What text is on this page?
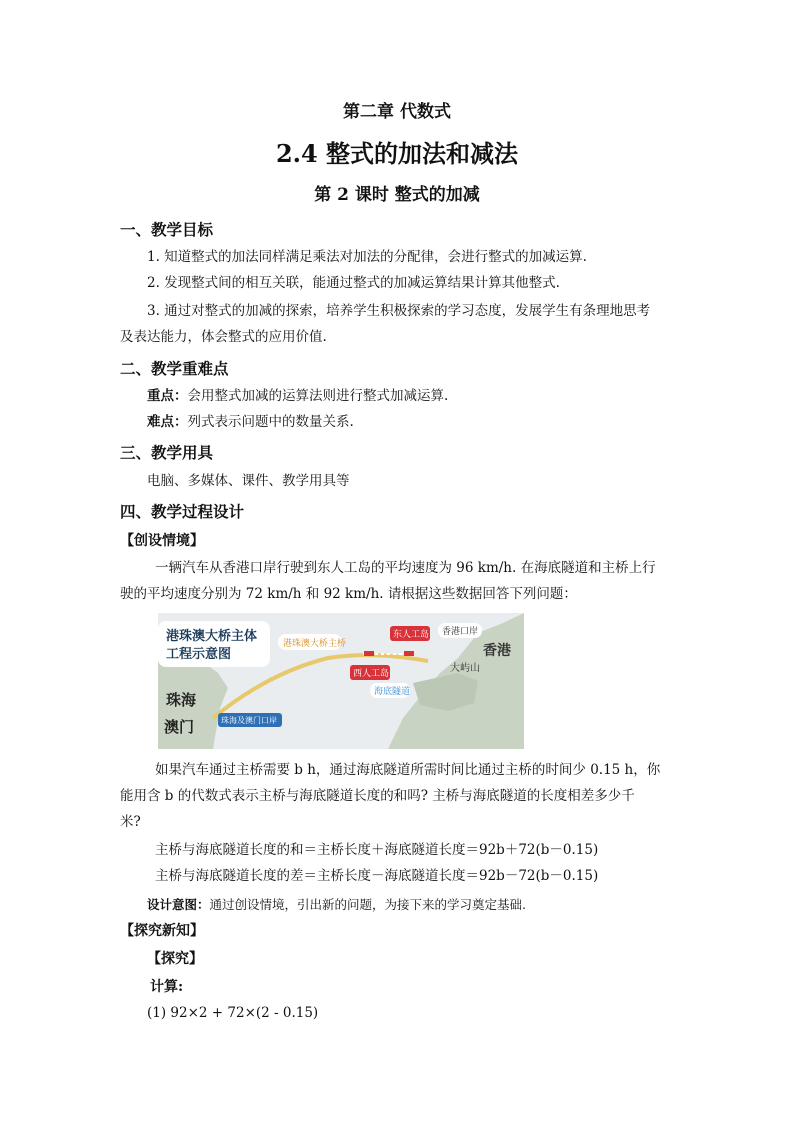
第二章 代数式
2.4 整式的加法和减法
第 2 课时 整式的加减
一、教学目标
1. 知道整式的加法同样满足乘法对加法的分配律，会进行整式的加减运算.
2. 发现整式间的相互关联，能通过整式的加减运算结果计算其他整式.
3. 通过对整式的加减的探索，培养学生积极探索的学习态度，发展学生有条理地思考
及表达能力，体会整式的应用价值.
二、教学重难点
重点：会用整式加减的运算法则进行整式加减运算.
难点：列式表示问题中的数量关系.
三、教学用具
电脑、多媒体、课件、教学用具等
四、教学过程设计
【创设情境】
一辆汽车从香港口岸行驶到东人工岛的平均速度为 96 km/h. 在海底隧道和主桥上行
驶的平均速度分别为 72 km/h 和 92 km/h. 请根据这些数据回答下列问题：
港珠澳大桥主体
工程示意图
港珠澳大桥主桥
东人工岛 香港口岸
香港
大屿山
西人工岛
海底隧道
珠海
澳门	珠海及澳门口岸
如果汽车通过主桥需要 b h，通过海底隧道所需时间比通过主桥的时间少 0.15 h，你
能用含 b 的代数式表示主桥与海底隧道长度的和吗? 主桥与海底隧道的长度相差多少千
米?
主桥与海底隧道长度的和＝主桥长度＋海底隧道长度＝92b＋72(b－0.15)
主桥与海底隧道长度的差＝主桥长度－海底隧道长度＝92b－72(b－0.15)
设计意图：通过创设情境，引出新的问题，为接下来的学习奠定基础.
【探究新知】
【探究】
计算:
(1) 92×2 + 72×(2 - 0.15)
